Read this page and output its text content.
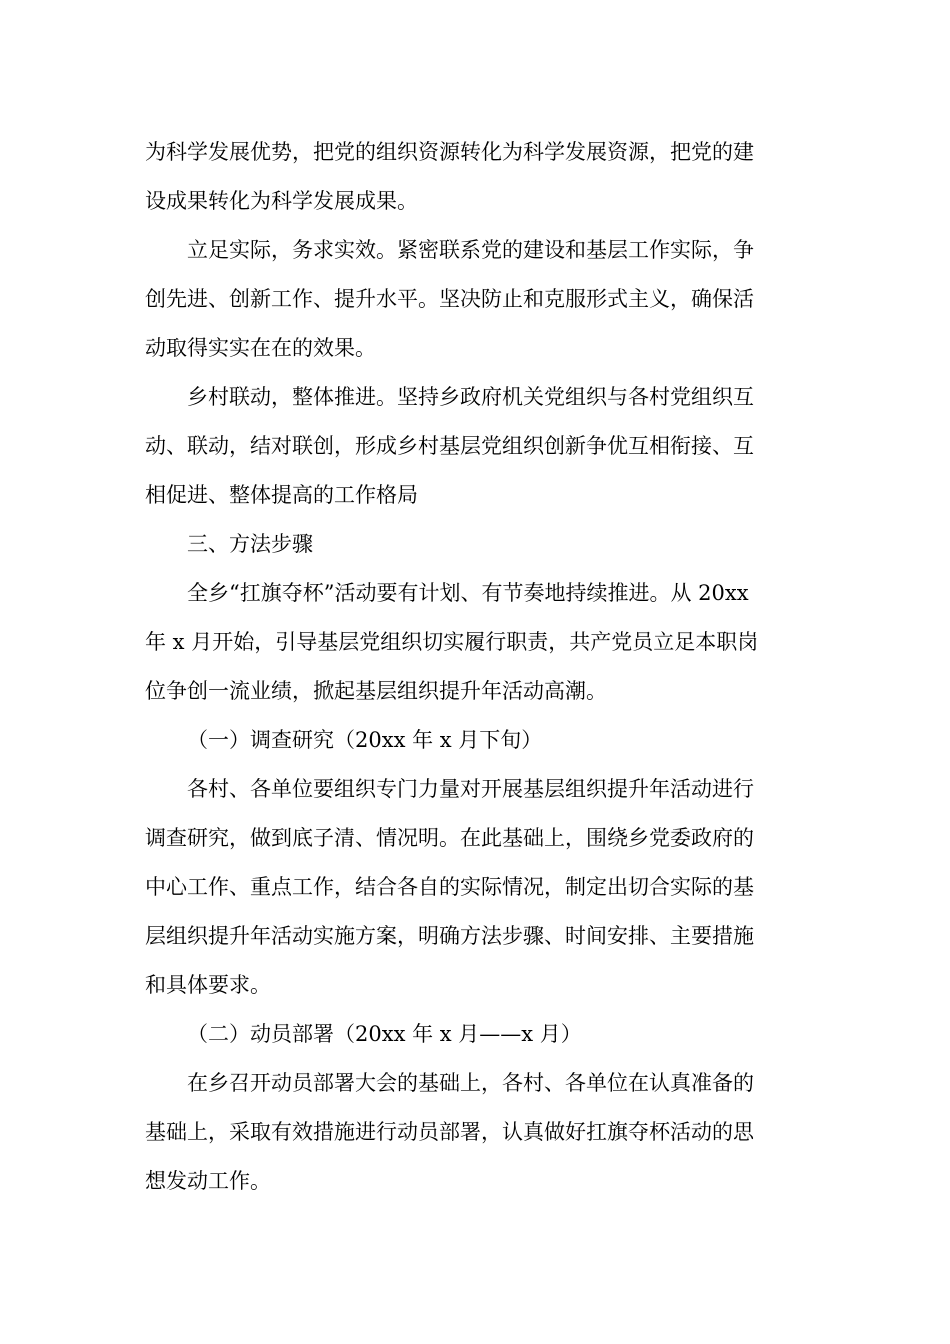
为科学发展优势，把党的组织资源转化为科学发展资源，把党的建
设成果转化为科学发展成果。
立足实际，务求实效。紧密联系党的建设和基层工作实际，争
创先进、创新工作、提升水平。坚决防止和克服形式主义，确保活
动取得实实在在的效果。
乡村联动，整体推进。坚持乡政府机关党组织与各村党组织互
动、联动，结对联创，形成乡村基层党组织创新争优互相衔接、互
相促进、整体提高的工作格局
三、方法步骤
全乡“扛旗夺杯”活动要有计划、有节奏地持续推进。从 20xx
年 x 月开始，引导基层党组织切实履行职责，共产党员立足本职岗
位争创一流业绩，掀起基层组织提升年活动高潮。
（一）调查研究（20xx 年 x 月下旬）
各村、各单位要组织专门力量对开展基层组织提升年活动进行
调查研究，做到底子清、情况明。在此基础上，围绕乡党委政府的
中心工作、重点工作，结合各自的实际情况，制定出切合实际的基
层组织提升年活动实施方案，明确方法步骤、时间安排、主要措施
和具体要求。
（二）动员部署（20xx 年 x 月——x 月）
在乡召开动员部署大会的基础上，各村、各单位在认真准备的
基础上，采取有效措施进行动员部署，认真做好扛旗夺杯活动的思
想发动工作。
